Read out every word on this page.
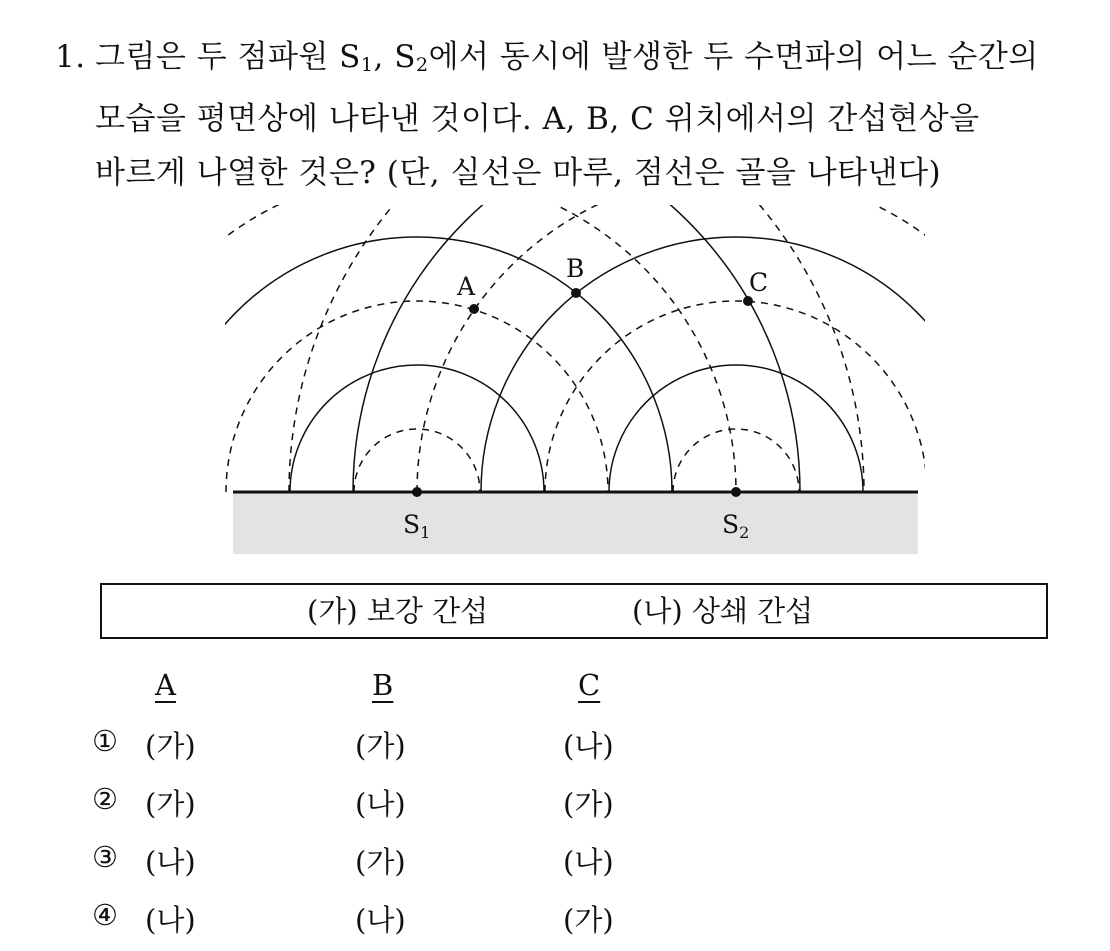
1. 그림은 두 점파원 $S_1$, $S_2$에서 동시에 발생한 두 수면파의 어느 순간의
모습을 평면상에 나타낸 것이다. A, B, C 위치에서의 간섭현상을
바르게 나열한 것은? (단, 실선은 마루, 점선은 골을 나타낸다)
A
B	C
$S_1$	$S_2$
(가) 보강 간섭	(나) 상쇄 간섭
A	B	C
① (가)	(가)	(나)
② (가)	(나)	(가)
③ (나)	(가)	(나)
④ (나)	(나)	(가)
